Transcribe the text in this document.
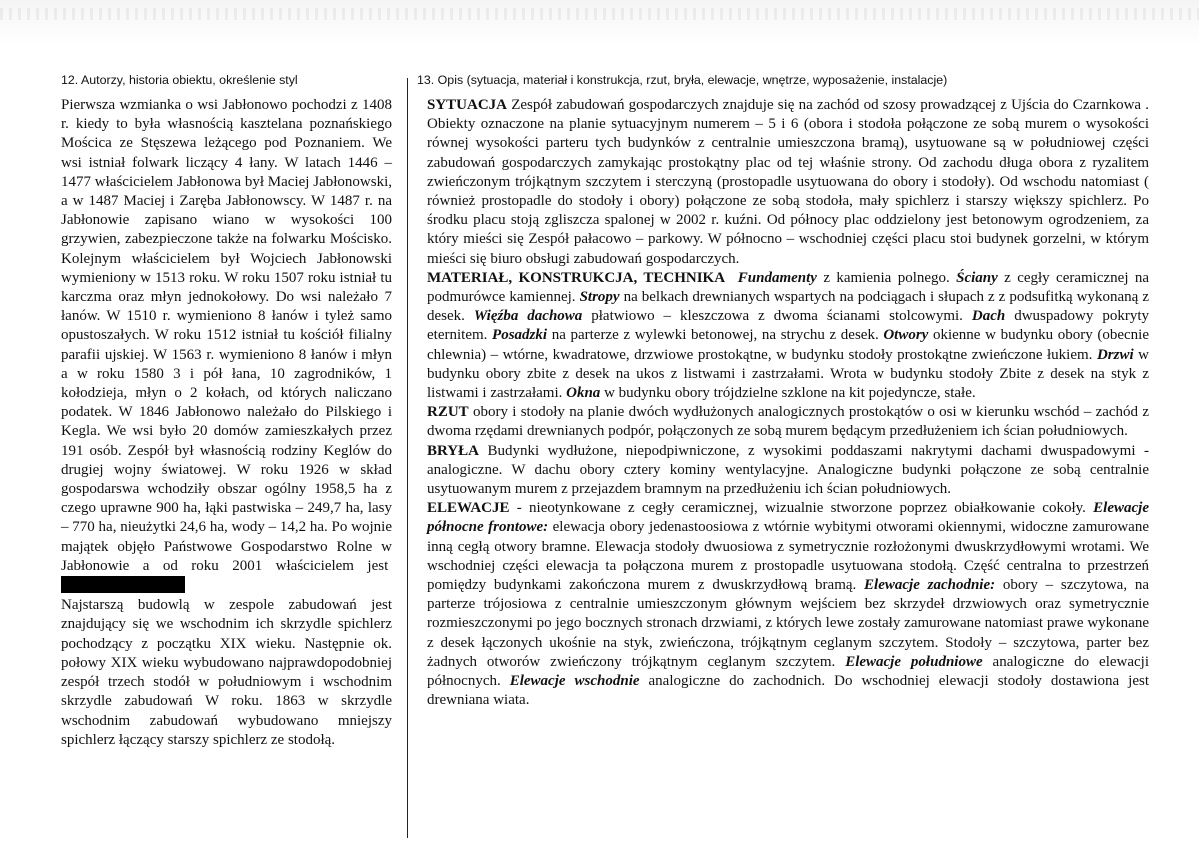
12. Autorzy, historia obiektu, określenie styl	13. Opis (sytuacja, materiał i konstrukcja, rzut, bryła, elewacje, wnętrze, wyposażenie, instalacje)

Pierwsza wzmianka o wsi Jabłonowo pochodzi z 1408 r. kiedy to była własnością kasztelana poznańskiego Mościca ze Stęszewa leżącego pod Poznaniem. We wsi istniał folwark liczący 4 łany. W latach 1446 – 1477 właścicielem Jabłonowa był Maciej Jabłonowski, a w 1487 Maciej i Zaręba Jabłonowscy. W 1487 r. na Jabłonowie zapisano wiano w wysokości 100 grzywien, zabezpieczone także na folwarku Mościsko. Kolejnym właścicielem był Wojciech Jabłonowski wymieniony w 1513 roku. W roku 1507 roku istniał tu karczma oraz młyn jednokołowy. Do wsi należało 7 łanów. W 1510 r. wymieniono 8 łanów i tyleż samo opustoszałych. W roku 1512 istniał tu kościół filialny parafii ujskiej. W 1563 r. wymieniono 8 łanów i młyn a w roku 1580 3 i pół łana, 10 zagrodników, 1 kołodzieja, młyn o 2 kołach, od których naliczano podatek. W 1846 Jabłonowo należało do Pilskiego i Kegla. We wsi było 20 domów zamieszkałych przez 191 osób. Zespół był własnością rodziny Keglów do drugiej wojny światowej. W roku 1926 w skład gospodarswa wchodziły obszar ogólny 1958,5 ha z czego uprawne 900 ha, łąki pastwiska – 249,7 ha, lasy – 770 ha, nieużytki 24,6 ha, wody – 14,2 ha. Po wojnie majątek objęło Państwowe Gospodarstwo Rolne w Jabłonowie a od roku 2001 właścicielem jest

Najstarszą budowlą w zespole zabudowań jest znajdujący się we wschodnim ich skrzydle spichlerz pochodzący z początku XIX wieku. Następnie ok. połowy XIX wieku wybudowano najprawdopodobniej zespół trzech stodół w południowym i wschodnim skrzydle zabudowań W roku. 1863 w skrzydle wschodnim zabudowań wybudowano mniejszy spichlerz łączący starszy spichlerz ze stodołą.

SYTUACJA Zespół zabudowań gospodarczych znajduje się na zachód od szosy prowadzącej z Ujścia do Czarnkowa . Obiekty oznaczone na planie sytuacyjnym numerem – 5 i 6 (obora i stodoła połączone ze sobą murem o wysokości równej wysokości parteru tych budynków z centralnie umieszczona bramą), usytuowane są w południowej części zabudowań gospodarczych zamykając prostokątny plac od tej właśnie strony. Od zachodu długa obora z ryzalitem zwieńczonym trójkątnym szczytem i sterczyną (prostopadle usytuowana do obory i stodoły). Od wschodu natomiast ( również prostopadle do stodoły i obory) połączone ze sobą stodoła, mały spichlerz i starszy większy spichlerz. Po środku placu stoją zgliszcza spalonej w 2002 r. kuźni. Od północy plac oddzielony jest betonowym ogrodzeniem, za który mieści się Zespół pałacowo – parkowy. W północno – wschodniej części placu stoi budynek gorzelni, w którym mieści się biuro obsługi zabudowań gospodarczych.

MATERIAŁ, KONSTRUKCJA, TECHNIKA Fundamenty z kamienia polnego. Ściany z cegły ceramicznej na podmurówce kamiennej. Stropy na belkach drewnianych wspartych na podciągach i słupach z z podsufitką wykonaną z desek. Więźba dachowa płatwiowo – kleszczowa z dwoma ścianami stolcowymi. Dach dwuspadowy pokryty eternitem. Posadzki na parterze z wylewki betonowej, na strychu z desek. Otwory okienne w budynku obory (obecnie chlewnia) – wtórne, kwadratowe, drzwiowe prostokątne, w budynku stodoły prostokątne zwieńczone łukiem. Drzwi w budynku obory zbite z desek na ukos z listwami i zastrzałami. Wrota w budynku stodoły Zbite z desek na styk z listwami i zastrzałami. Okna w budynku obory trójdzielne szklone na kit pojedyncze, stałe.

RZUT obory i stodoły na planie dwóch wydłużonych analogicznych prostokątów o osi w kierunku wschód – zachód z dwoma rzędami drewnianych podpór, połączonych ze sobą murem będącym przedłużeniem ich ścian południowych.

BRYŁA Budynki wydłużone, niepodpiwniczone, z wysokimi poddaszami nakrytymi dachami dwuspadowymi - analogiczne. W dachu obory cztery kominy wentylacyjne. Analogiczne budynki połączone ze sobą centralnie usytuowanym murem z przejazdem bramnym na przedłużeniu ich ścian południowych.

ELEWACJE - nieotynkowane z cegły ceramicznej, wizualnie stworzone poprzez obiałkowanie cokoły. Elewacje północne frontowe: elewacja obory jedenastoosiowa z wtórnie wybitymi otworami okiennymi, widoczne zamurowane inną cegłą otwory bramne. Elewacja stodoły dwuosiowa z symetrycznie rozłożonymi dwuskrzydłowymi wrotami. We wschodniej części elewacja ta połączona murem z prostopadle usytuowana stodołą. Część centralna to przestrzeń pomiędzy budynkami zakończona murem z dwuskrzydłową bramą. Elewacje zachodnie: obory – szczytowa, na parterze trójosiowa z centralnie umieszczonym głównym wejściem bez skrzydeł drzwiowych oraz symetrycznie rozmieszczonymi po jego bocznych stronach drzwiami, z których lewe zostały zamurowane natomiast prawe wykonane z desek łączonych ukośnie na styk, zwieńczona, trójkątnym ceglanym szczytem. Stodoły – szczytowa, parter bez żadnych otworów zwieńczony trójkątnym ceglanym szczytem. Elewacje południowe analogiczne do elewacji północnych. Elewacje wschodnie analogiczne do zachodnich. Do wschodniej elewacji stodoły dostawiona jest drewniana wiata.
